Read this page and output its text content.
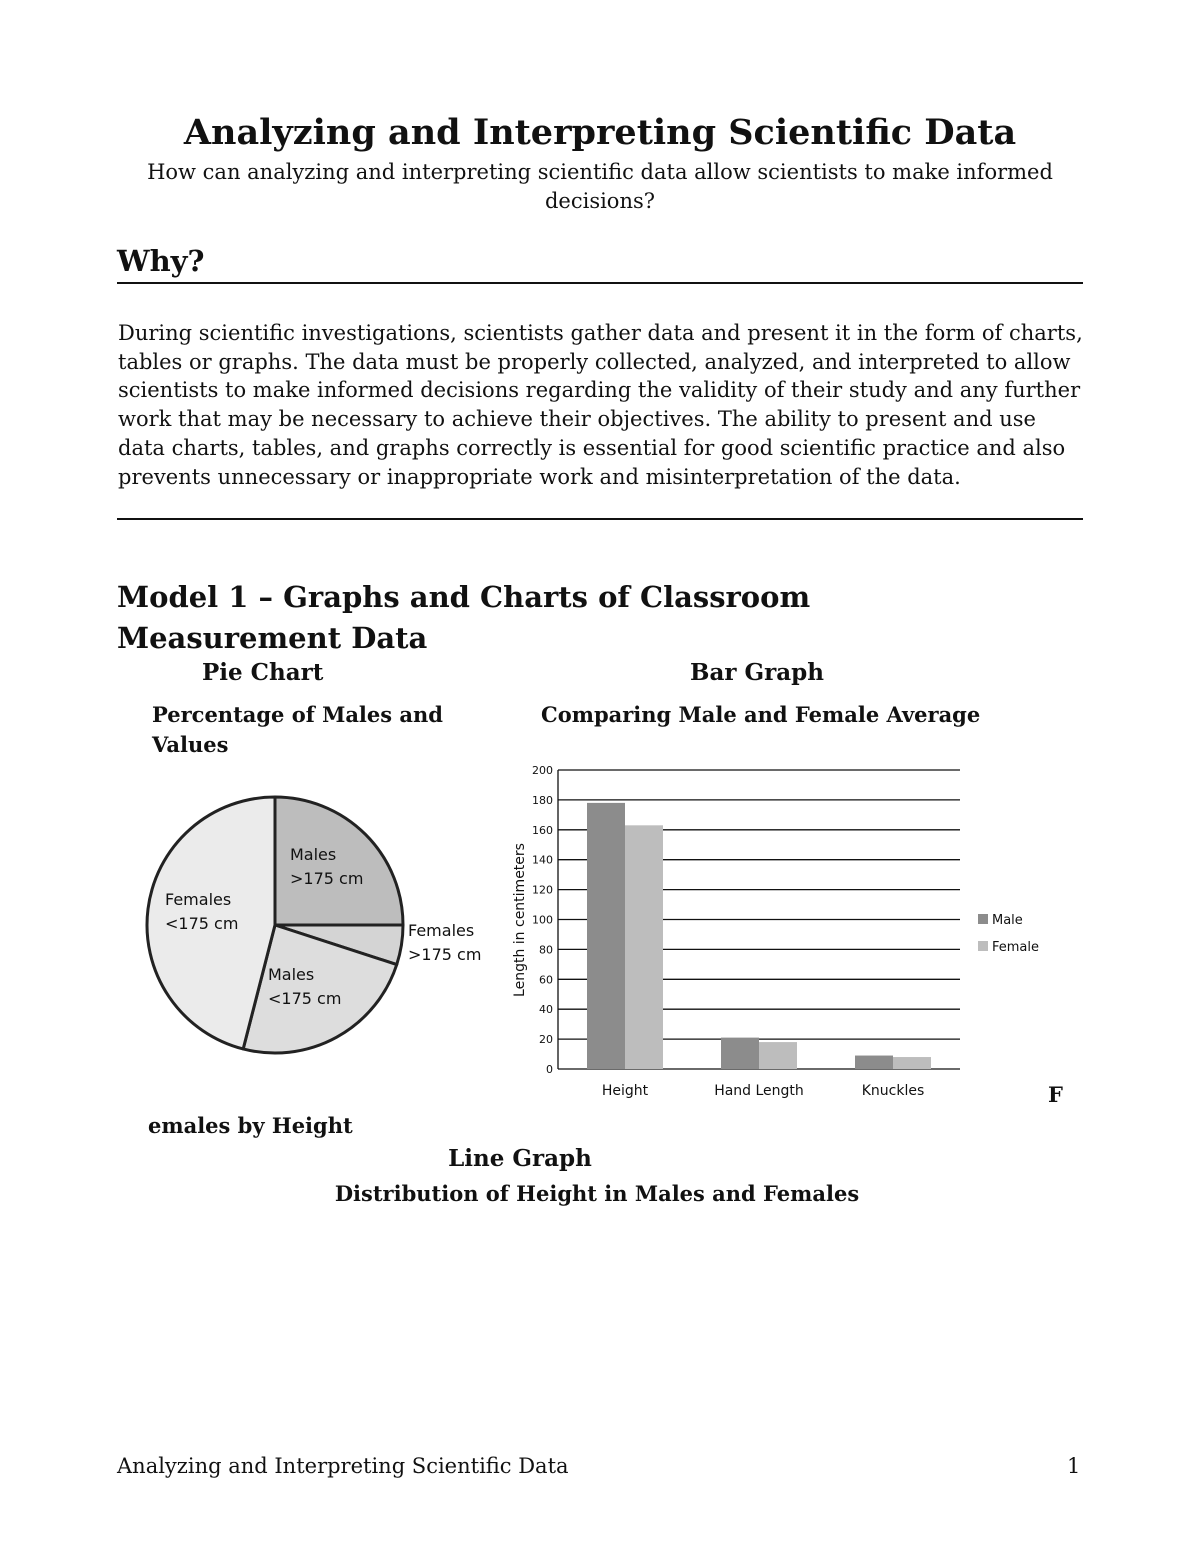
Analyzing and Interpreting Scientific Data
How can analyzing and interpreting scientific data allow scientists to make informed decisions?
Why?
During scientific investigations, scientists gather data and present it in the form of charts, tables or graphs. The data must be properly collected, analyzed, and interpreted to allow scientists to make informed decisions regarding the validity of their study and any further work that may be necessary to achieve their objectives. The ability to present and use data charts, tables, and graphs correctly is essential for good scientific practice and also prevents unnecessary or inappropriate work and misinterpretation of the data.
Model 1 – Graphs and Charts of Classroom Measurement Data
Pie Chart	Bar Graph
Percentage of Males and Values
Comparing Male and Female Average
Males >175 cm
Females >175 cm
Males <175 cm
Females <175 cm
0
20
40
60
80
100
120
140
160
180
200
Height	Hand Length	Knuckles
Length in centimeters	Male
Female
emales by Height
F
Line Graph
Distribution of Height in Males and Females
Analyzing and Interpreting Scientific Data	1
